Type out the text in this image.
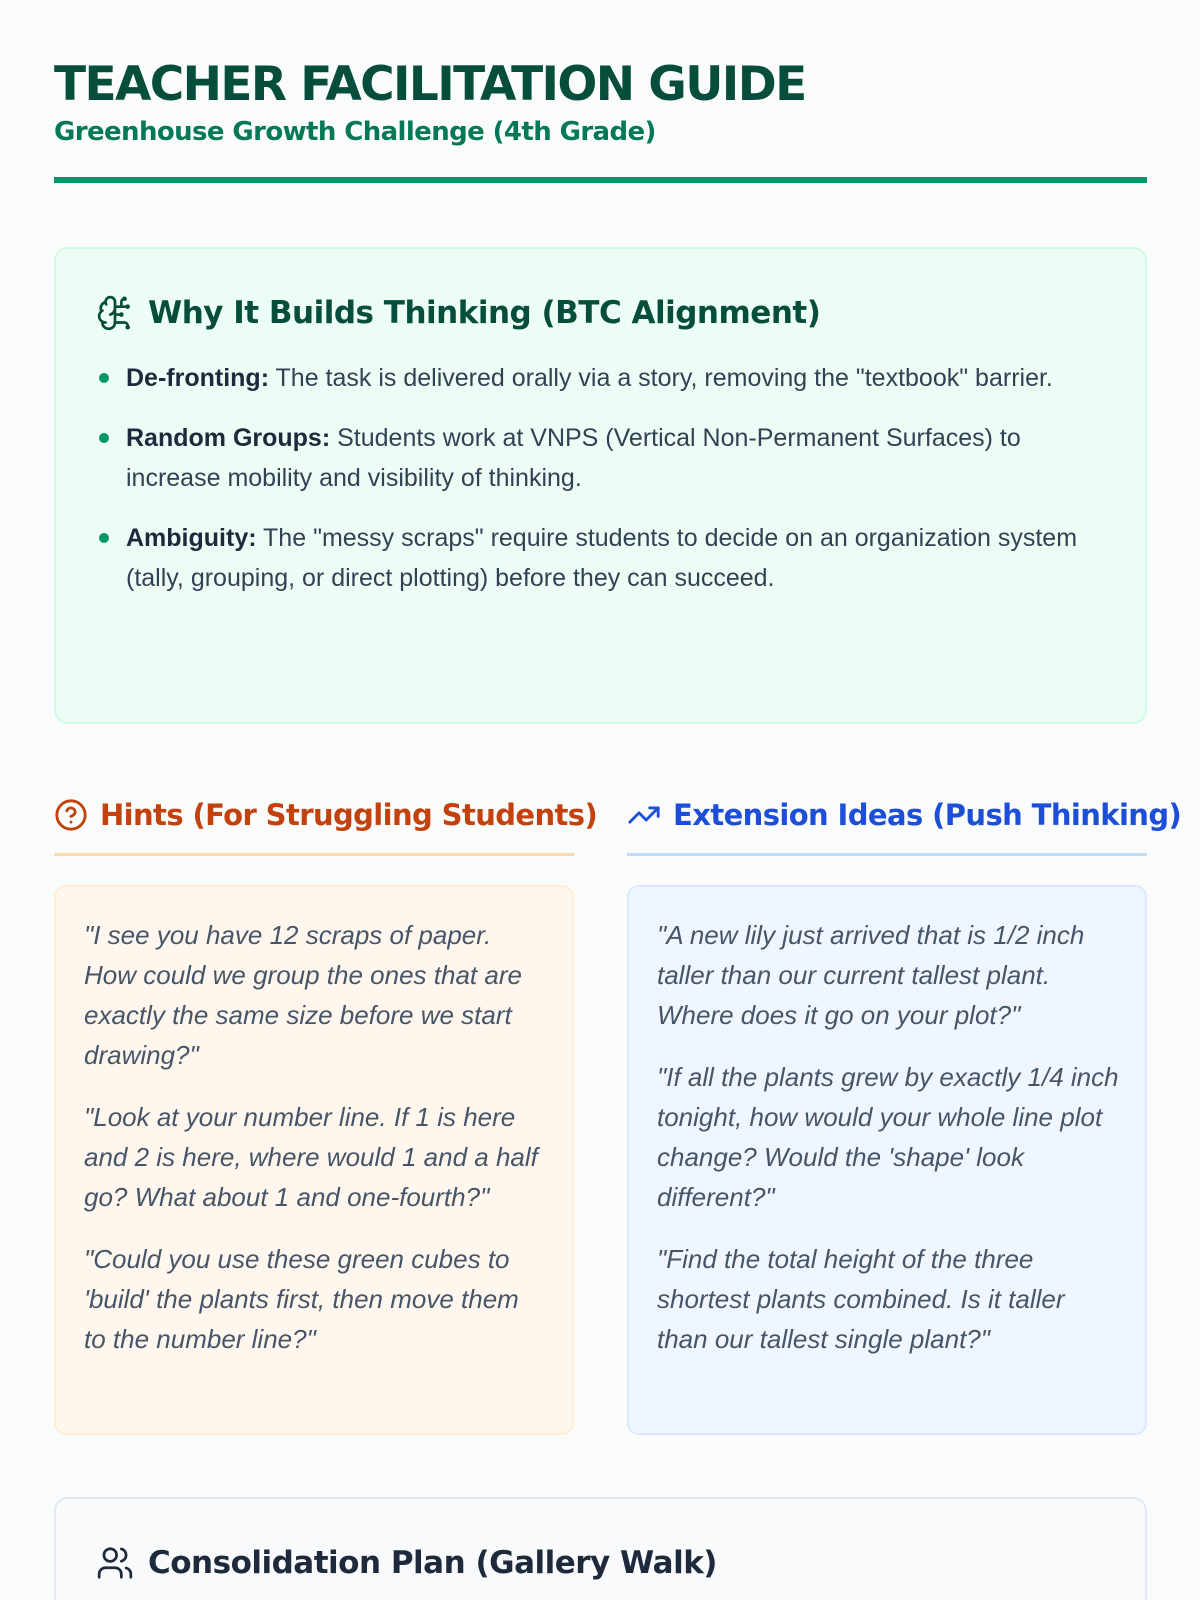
TEACHER FACILITATION GUIDE
Greenhouse Growth Challenge (4th Grade)
Why It Builds Thinking (BTC Alignment)
De-fronting: The task is delivered orally via a story, removing the "textbook" barrier.
Random Groups: Students work at VNPS (Vertical Non-Permanent Surfaces) to increase mobility and visibility of thinking.
Ambiguity: The "messy scraps" require students to decide on an organization system (tally, grouping, or direct plotting) before they can succeed.
Hints (For Struggling Students)

"I see you have 12 scraps of paper. How could we group the ones that are exactly the same size before we start drawing?"

"Look at your number line. If 1 is here and 2 is here, where would 1 and a half go? What about 1 and one-fourth?"

"Could you use these green cubes to 'build' the plants first, then move them to the number line?"

Extension Ideas (Push Thinking)

"A new lily just arrived that is 1/2 inch taller than our current tallest plant. Where does it go on your plot?"

"If all the plants grew by exactly 1/4 inch tonight, how would your whole line plot change? Would the 'shape' look different?"

"Find the total height of the three shortest plants combined. Is it taller than our tallest single plant?"

Consolidation Plan (Gallery Walk)
